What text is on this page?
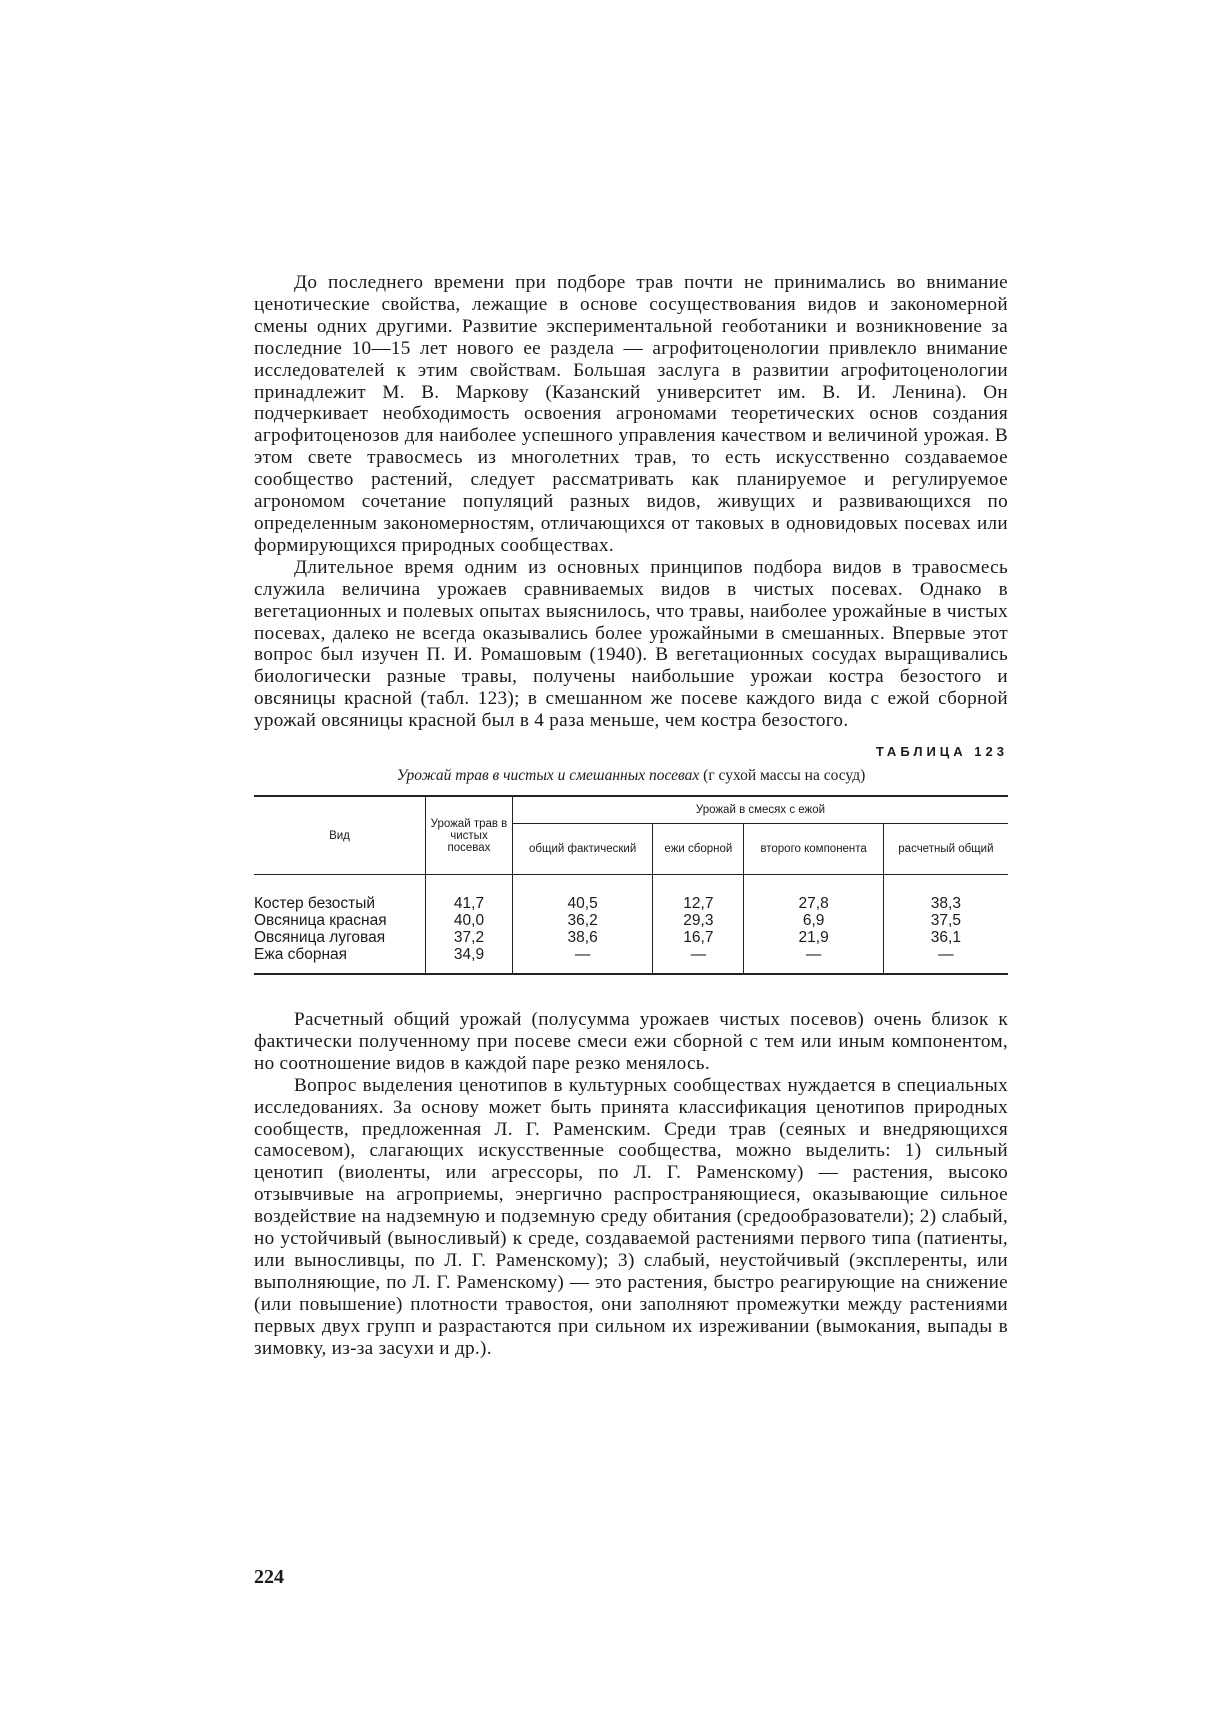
До последнего времени при подборе трав почти не принимались во внимание ценотические свойства, лежащие в основе сосуществования видов и закономерной смены одних другими. Развитие экспериментальной геоботаники и возникновение за последние 10—15 лет нового ее раздела — агрофитоценологии привлекло внимание исследователей к этим свойствам. Большая заслуга в развитии агрофитоценологии принадлежит М. В. Маркову (Казанский университет им. В. И. Ленина). Он подчеркивает необходимость освоения агрономами теоретических основ создания агрофитоценозов для наиболее успешного управления качеством и величиной урожая. В этом свете травосмесь из многолетних трав, то есть искусственно создаваемое сообщество растений, следует рассматривать как планируемое и регулируемое агрономом сочетание популяций разных видов, живущих и развивающихся по определенным закономерностям, отличающихся от таковых в одновидовых посевах или формирующихся природных сообществах.

Длительное время одним из основных принципов подбора видов в травосмесь служила величина урожаев сравниваемых видов в чистых посевах. Однако в вегетационных и полевых опытах выяснилось, что травы, наиболее урожайные в чистых посевах, далеко не всегда оказывались более урожайными в смешанных. Впервые этот вопрос был изучен П. И. Ромашовым (1940). В вегетационных сосудах выращивались биологически разные травы, получены наибольшие урожаи костра безостого и овсяницы красной (табл. 123); в смешанном же посеве каждого вида с ежой сборной урожай овсяницы красной был в 4 раза меньше, чем костра безостого.

ТАБЛИЦА 123
Урожай трав в чистых и смешанных посевах (г сухой массы на сосуд)
Вид	Урожай трав в чистых посевах	Урожай в смесях с ежой			
		общий фактический	ежи сборной	второго компонента	расчетный общий
Костер безостый	41,7	40,5	12,7	27,8	38,3
Овсяница красная	40,0	36,2	29,3	6,9	37,5
Овсяница луговая	37,2	38,6	16,7	21,9	36,1
Ежа сборная	34,9	—	—	—	—

Расчетный общий урожай (полусумма урожаев чистых посевов) очень близок к фактически полученному при посеве смеси ежи сборной с тем или иным компонентом, но соотношение видов в каждой паре резко менялось.

Вопрос выделения ценотипов в культурных сообществах нуждается в специальных исследованиях. За основу может быть принята классификация ценотипов природных сообществ, предложенная Л. Г. Раменским. Среди трав (сеяных и внедряющихся самосевом), слагающих искусственные сообщества, можно выделить: 1) сильный ценотип (виоленты, или агрессоры, по Л. Г. Раменскому) — растения, высоко отзывчивые на агроприемы, энергично распространяющиеся, оказывающие сильное воздействие на надземную и подземную среду обитания (средообразователи); 2) слабый, но устойчивый (выносливый) к среде, создаваемой растениями первого типа (патиенты, или выносливцы, по Л. Г. Раменскому); 3) слабый, неустойчивый (эксплеренты, или выполняющие, по Л. Г. Раменскому) — это растения, быстро реагирующие на снижение (или повышение) плотности травостоя, они заполняют промежутки между растениями первых двух групп и разрастаются при сильном их изреживании (вымокания, выпады в зимовку, из-за засухи и др.).

224
